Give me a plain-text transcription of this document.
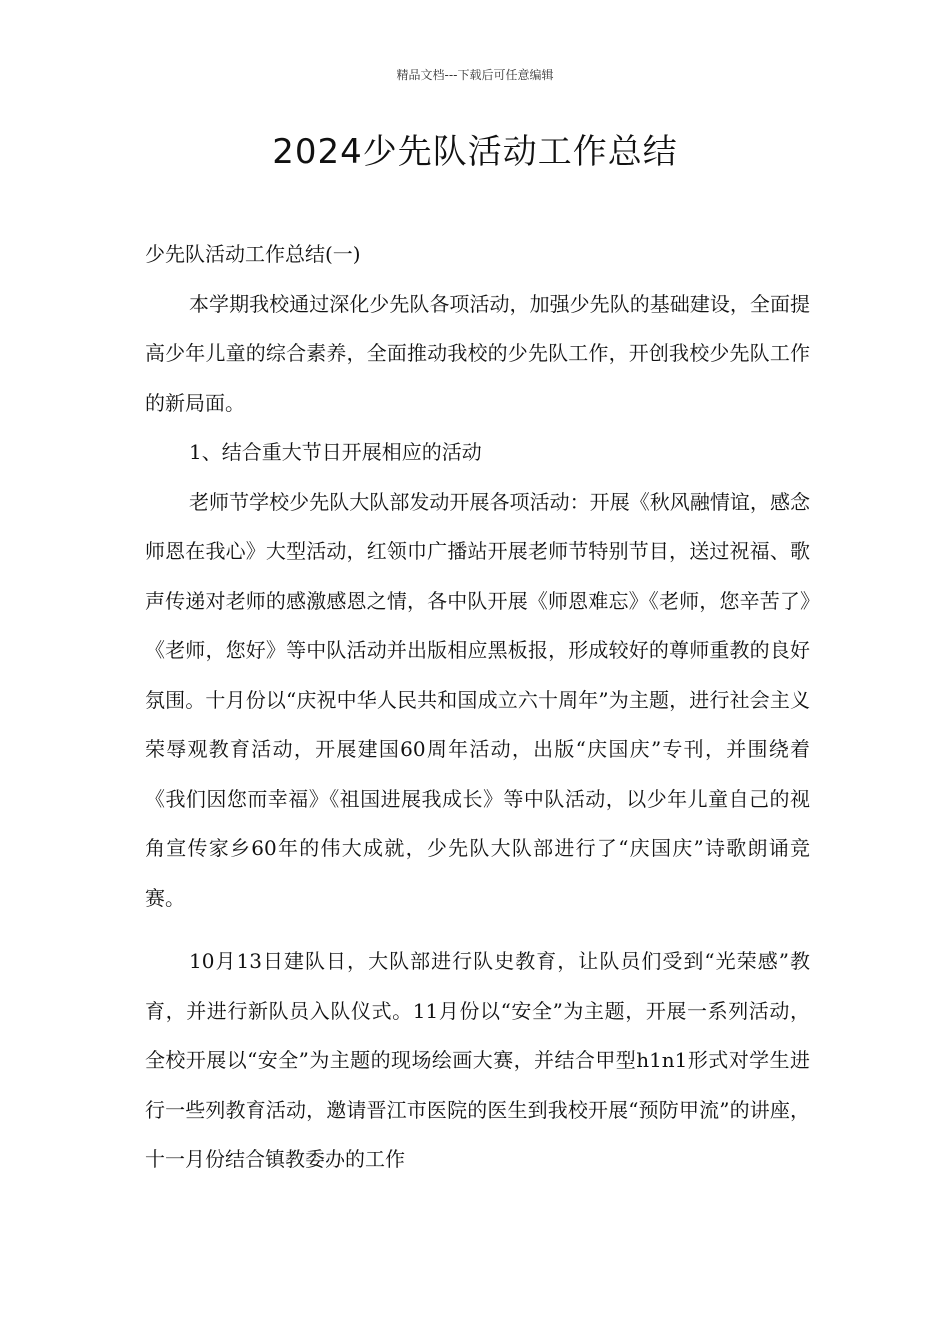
精品文档---下载后可任意编辑
2024少先队活动工作总结

少先队活动工作总结(一)

本学期我校通过深化少先队各项活动，加强少先队的基础建设，全面提高少年儿童的综合素养，全面推动我校的少先队工作，开创我校少先队工作的新局面。

1、结合重大节日开展相应的活动

老师节学校少先队大队部发动开展各项活动：开展《秋风融情谊，感念师恩在我心》大型活动，红领巾广播站开展老师节特别节目，送过祝福、歌声传递对老师的感激感恩之情，各中队开展《师恩难忘》《老师，您辛苦了》《老师，您好》等中队活动并出版相应黑板报，形成较好的尊师重教的良好氛围。十月份以“庆祝中华人民共和国成立六十周年”为主题，进行社会主义荣辱观教育活动，开展建国60周年活动，出版“庆国庆”专刊，并围绕着《我们因您而幸福》《祖国进展我成长》等中队活动，以少年儿童自己的视角宣传家乡60年的伟大成就，少先队大队部进行了“庆国庆”诗歌朗诵竞赛。

10月13日建队日，大队部进行队史教育，让队员们受到“光荣感”教育，并进行新队员入队仪式。11月份以“安全”为主题，开展一系列活动，全校开展以“安全”为主题的现场绘画大赛，并结合甲型h1n1形式对学生进行一些列教育活动，邀请晋江市医院的医生到我校开展“预防甲流”的讲座，十一月份结合镇教委办的工作
